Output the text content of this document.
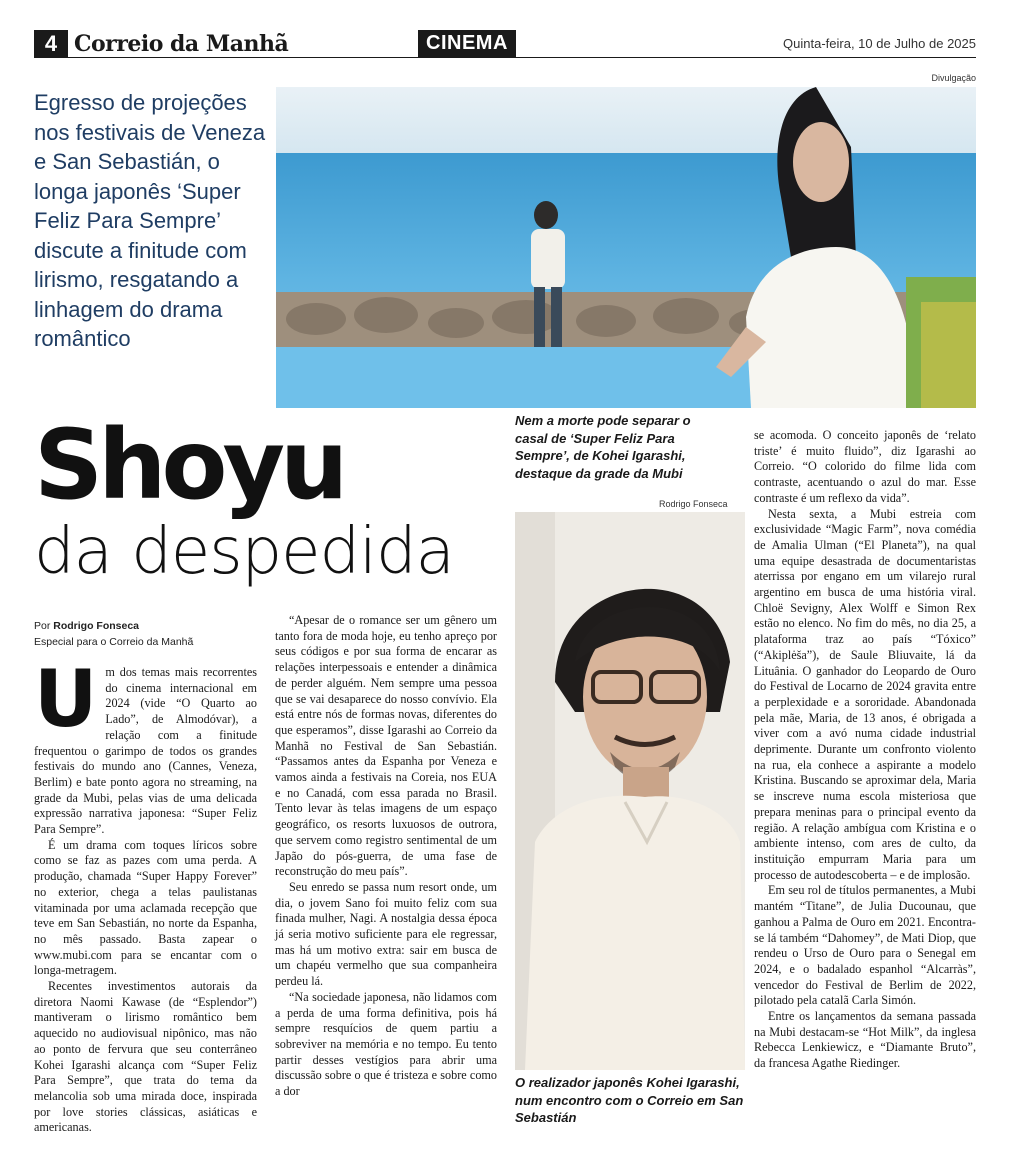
4 Correio da Manhã	CINEMA	Quinta-feira, 10 de Julho de 2025
Egresso de projeções nos festivais de Veneza e San Sebastián, o longa japonês ‘Super Feliz Para Sempre’ discute a finitude com lirismo, resgatando a linhagem do drama romântico
Divulgação
Nem a morte pode separar o casal de ‘Super Feliz Para Sempre’, de Kohei Igarashi, destaque da grade da Mubi
Shoyu
da despedida
Por Rodrigo Fonseca
Especial para o Correio da Manhã
U m dos temas mais recorrentes do cinema internacional em 2024 (vide “O Quarto ao Lado”, de Almodóvar), a relação com a finitude frequentou o garimpo de todos os grandes festivais do mundo ano (Cannes, Veneza, Berlim) e bate ponto agora no streaming, na grade da Mubi, pelas vias de uma delicada expressão narrativa japonesa: “Super Feliz Para Sempre”.

É um drama com toques líricos sobre como se faz as pazes com uma perda. A produção, chamada “Super Happy Forever” no exterior, chega a telas paulistanas vitaminada por uma aclamada recepção que teve em San Sebastián, no norte da Espanha, no mês passado. Basta zapear o www.mubi.com para se encantar com o longa-metragem.

Recentes investimentos autorais da diretora Naomi Kawase (de “Esplendor”) mantiveram o lirismo romântico bem aquecido no audiovisual nipônico, mas não ao ponto de fervura que seu conterrâneo Kohei Igarashi alcança com “Super Feliz Para Sempre”, que trata do tema da melancolia sob uma mirada doce, inspirada por love stories clássicas, asiáticas e americanas.

“Apesar de o romance ser um gênero um tanto fora de moda hoje, eu tenho apreço por seus códigos e por sua forma de encarar as relações interpessoais e entender a dinâmica de perder alguém. Nem sempre uma pessoa que se vai desaparece do nosso convívio. Ela está entre nós de formas novas, diferentes do que esperamos”, disse Igarashi ao Correio da Manhã no Festival de San Sebastián. “Passamos antes da Espanha por Veneza e vamos ainda a festivais na Coreia, nos EUA e no Canadá, com essa parada no Brasil. Tento levar às telas imagens de um espaço geográfico, os resorts luxuosos de outrora, que servem como registro sentimental de um Japão do pós-guerra, de uma fase de reconstrução do meu país”.

Seu enredo se passa num resort onde, um dia, o jovem Sano foi muito feliz com sua finada mulher, Nagi. A nostalgia dessa época já seria motivo suficiente para ele regressar, mas há um motivo extra: sair em busca de um chapéu vermelho que sua companheira perdeu lá.

“Na sociedade japonesa, não lidamos com a perda de uma forma definitiva, pois há sempre resquícios de quem partiu a sobreviver na memória e no tempo. Eu tento partir desses vestígios para abrir uma discussão sobre o que é tristeza e sobre como a dor

Rodrigo Fonseca
O realizador japonês Kohei Igarashi, num encontro com o Correio em San Sebastián

se acomoda. O conceito japonês de ‘relato triste’ é muito fluido”, diz Igarashi ao Correio. “O colorido do filme lida com contraste, acentuando o azul do mar. Esse contraste é um reflexo da vida”.

Nesta sexta, a Mubi estreia com exclusividade “Magic Farm”, nova comédia de Amalia Ulman (“El Planeta”), na qual uma equipe desastrada de documentaristas aterrissa por engano em um vilarejo rural argentino em busca de uma história viral. Chloë Sevigny, Alex Wolff e Simon Rex estão no elenco. No fim do mês, no dia 25, a plataforma traz ao país “Tóxico” (“Akiplėša”), de Saule Bliuvaite, lá da Lituânia. O ganhador do Leopardo de Ouro do Festival de Locarno de 2024 gravita entre a perplexidade e a sororidade. Abandonada pela mãe, Maria, de 13 anos, é obrigada a viver com a avó numa cidade industrial deprimente. Durante um confronto violento na rua, ela conhece a aspirante a modelo Kristina. Buscando se aproximar dela, Maria se inscreve numa escola misteriosa que prepara meninas para o principal evento da região. A relação ambígua com Kristina e o ambiente intenso, com ares de culto, da instituição empurram Maria para um processo de autodescoberta – e de implosão.

Em seu rol de títulos permanentes, a Mubi mantém “Titane”, de Julia Ducounau, que ganhou a Palma de Ouro em 2021. Encontra-se lá também “Dahomey”, de Mati Diop, que rendeu o Urso de Ouro para o Senegal em 2024, e o badalado espanhol “Alcarràs”, vencedor do Festival de Berlim de 2022, pilotado pela catalã Carla Simón.

Entre os lançamentos da semana passada na Mubi destacam-se “Hot Milk”, da inglesa Rebecca Lenkiewicz, e “Diamante Bruto”, da francesa Agathe Riedinger.
